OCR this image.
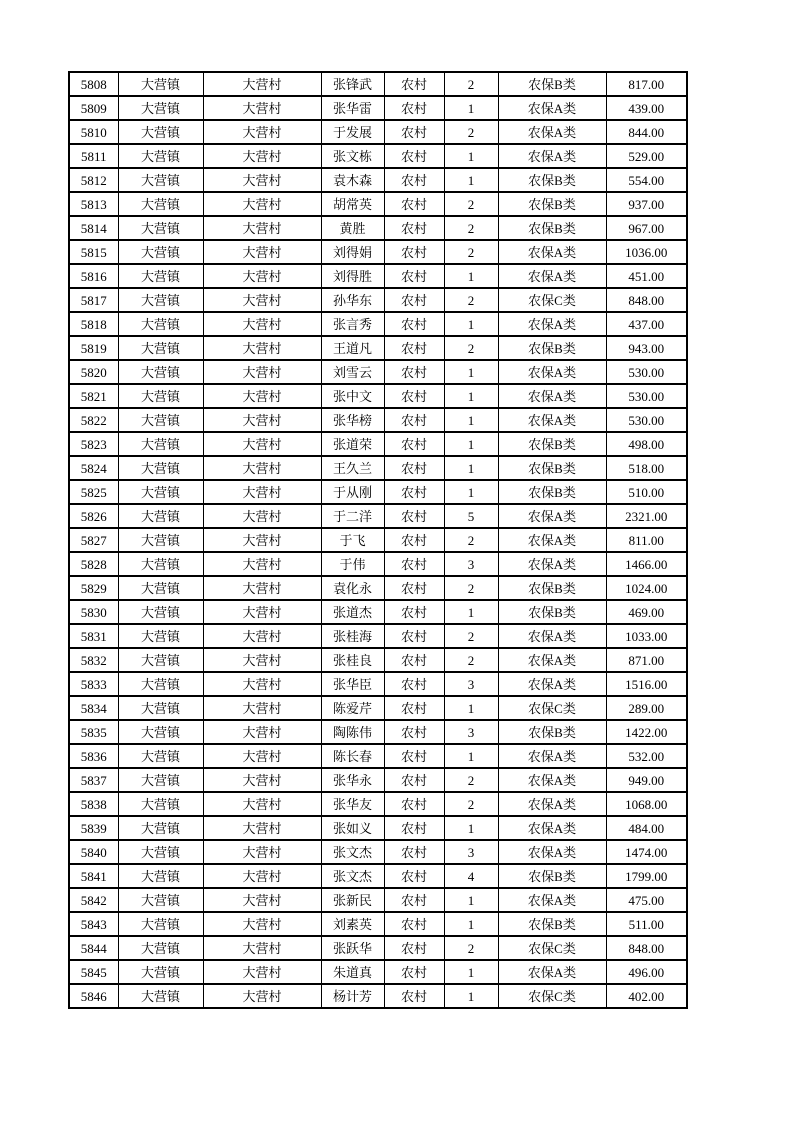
5808	大营镇	大营村	张锋武	农村	2	农保B类	817.00
5809	大营镇	大营村	张华雷	农村	1	农保A类	439.00
5810	大营镇	大营村	于发展	农村	2	农保A类	844.00
5811	大营镇	大营村	张文栋	农村	1	农保A类	529.00
5812	大营镇	大营村	袁木森	农村	1	农保B类	554.00
5813	大营镇	大营村	胡常英	农村	2	农保B类	937.00
5814	大营镇	大营村	黄胜	农村	2	农保B类	967.00
5815	大营镇	大营村	刘得娟	农村	2	农保A类	1036.00
5816	大营镇	大营村	刘得胜	农村	1	农保A类	451.00
5817	大营镇	大营村	孙华东	农村	2	农保C类	848.00
5818	大营镇	大营村	张言秀	农村	1	农保A类	437.00
5819	大营镇	大营村	王道凡	农村	2	农保B类	943.00
5820	大营镇	大营村	刘雪云	农村	1	农保A类	530.00
5821	大营镇	大营村	张中文	农村	1	农保A类	530.00
5822	大营镇	大营村	张华榜	农村	1	农保A类	530.00
5823	大营镇	大营村	张道荣	农村	1	农保B类	498.00
5824	大营镇	大营村	王久兰	农村	1	农保B类	518.00
5825	大营镇	大营村	于从刚	农村	1	农保B类	510.00
5826	大营镇	大营村	于二洋	农村	5	农保A类	2321.00
5827	大营镇	大营村	于飞	农村	2	农保A类	811.00
5828	大营镇	大营村	于伟	农村	3	农保A类	1466.00
5829	大营镇	大营村	袁化永	农村	2	农保B类	1024.00
5830	大营镇	大营村	张道杰	农村	1	农保B类	469.00
5831	大营镇	大营村	张桂海	农村	2	农保A类	1033.00
5832	大营镇	大营村	张桂良	农村	2	农保A类	871.00
5833	大营镇	大营村	张华臣	农村	3	农保A类	1516.00
5834	大营镇	大营村	陈爱芹	农村	1	农保C类	289.00
5835	大营镇	大营村	陶陈伟	农村	3	农保B类	1422.00
5836	大营镇	大营村	陈长春	农村	1	农保A类	532.00
5837	大营镇	大营村	张华永	农村	2	农保A类	949.00
5838	大营镇	大营村	张华友	农村	2	农保A类	1068.00
5839	大营镇	大营村	张如义	农村	1	农保A类	484.00
5840	大营镇	大营村	张文杰	农村	3	农保A类	1474.00
5841	大营镇	大营村	张文杰	农村	4	农保B类	1799.00
5842	大营镇	大营村	张新民	农村	1	农保A类	475.00
5843	大营镇	大营村	刘素英	农村	1	农保B类	511.00
5844	大营镇	大营村	张跃华	农村	2	农保C类	848.00
5845	大营镇	大营村	朱道真	农村	1	农保A类	496.00
5846	大营镇	大营村	杨计芳	农村	1	农保C类	402.00
